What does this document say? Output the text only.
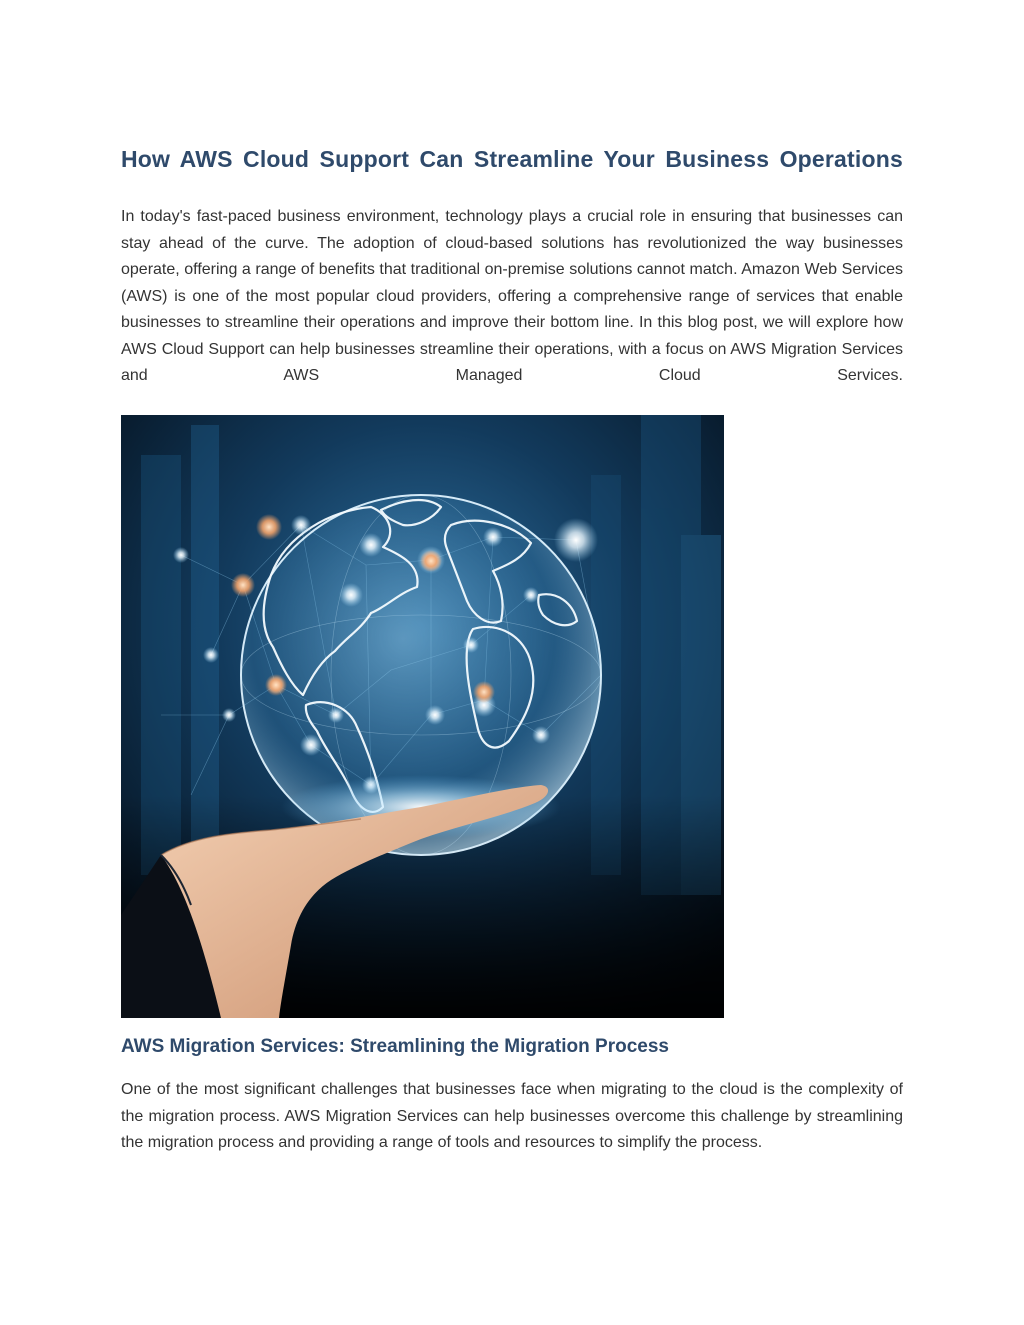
How AWS Cloud Support Can Streamline Your Business Operations

In today's fast-paced business environment, technology plays a crucial role in ensuring that businesses can stay ahead of the curve. The adoption of cloud-based solutions has revolutionized the way businesses operate, offering a range of benefits that traditional on-premise solutions cannot match. Amazon Web Services (AWS) is one of the most popular cloud providers, offering a comprehensive range of services that enable businesses to streamline their operations and improve their bottom line. In this blog post, we will explore how AWS Cloud Support can help businesses streamline their operations, with a focus on AWS Migration Services and AWS Managed Cloud Services.

AWS Migration Services: Streamlining the Migration Process

One of the most significant challenges that businesses face when migrating to the cloud is the complexity of the migration process. AWS Migration Services can help businesses overcome this challenge by streamlining the migration process and providing a range of tools and resources to simplify the process.
